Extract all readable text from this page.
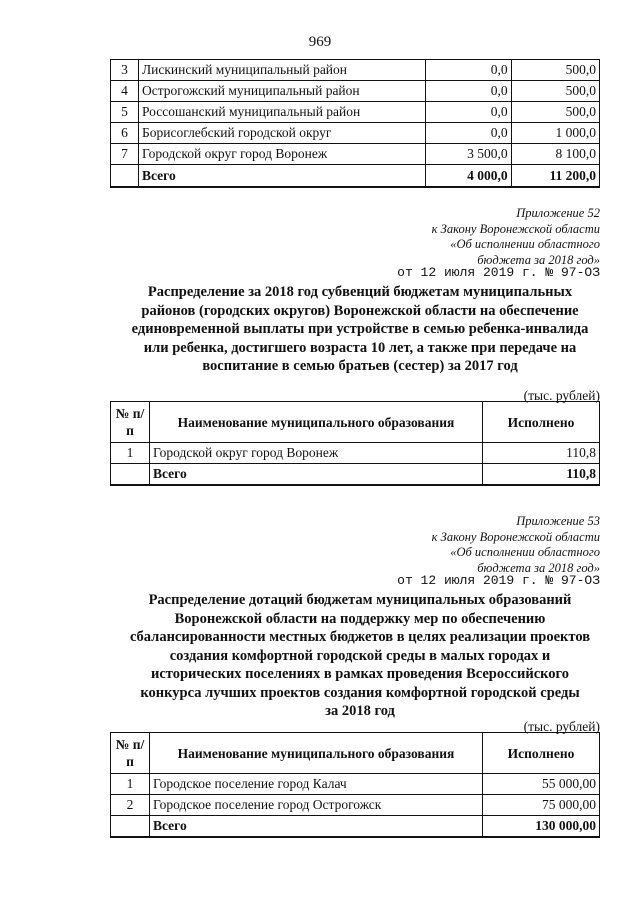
969
3	Лискинский муниципальный район	0,0	500,0
4	Острогожский муниципальный район	0,0	500,0
5	Россошанский муниципальный район	0,0	500,0
6	Борисоглебский городской округ	0,0	1 000,0
7	Городской округ город Воронеж	3 500,0	8 100,0
	Всего	4 000,0	11 200,0
Приложение 52
к Закону Воронежской области
«Об исполнении областного
бюджета за 2018 год»
от 12 июля 2019 г. № 97-ОЗ
Распределение за 2018 год субвенций бюджетам муниципальных
районов (городских округов) Воронежской области на обеспечение
единовременной выплаты при устройстве в семью ребенка-инвалида
или ребенка, достигшего возраста 10 лет, а также при передаче на
воспитание в семью братьев (сестер) за 2017 год
(тыс. рублей)
№ п/п	Наименование муниципального образования	Исполнено
1	Городской округ город Воронеж	110,8
	Всего	110,8
Приложение 53
к Закону Воронежской области
«Об исполнении областного
бюджета за 2018 год»
от 12 июля 2019 г. № 97-ОЗ
Распределение дотаций бюджетам муниципальных образований
Воронежской области на поддержку мер по обеспечению
сбалансированности местных бюджетов в целях реализации проектов
создания комфортной городской среды в малых городах и
исторических поселениях в рамках проведения Всероссийского
конкурса лучших проектов создания комфортной городской среды
за 2018 год
(тыс. рублей)
№ п/п	Наименование муниципального образования	Исполнено
1	Городское поселение город Калач	55 000,00
2	Городское поселение город Острогожск	75 000,00
	Всего	130 000,00
